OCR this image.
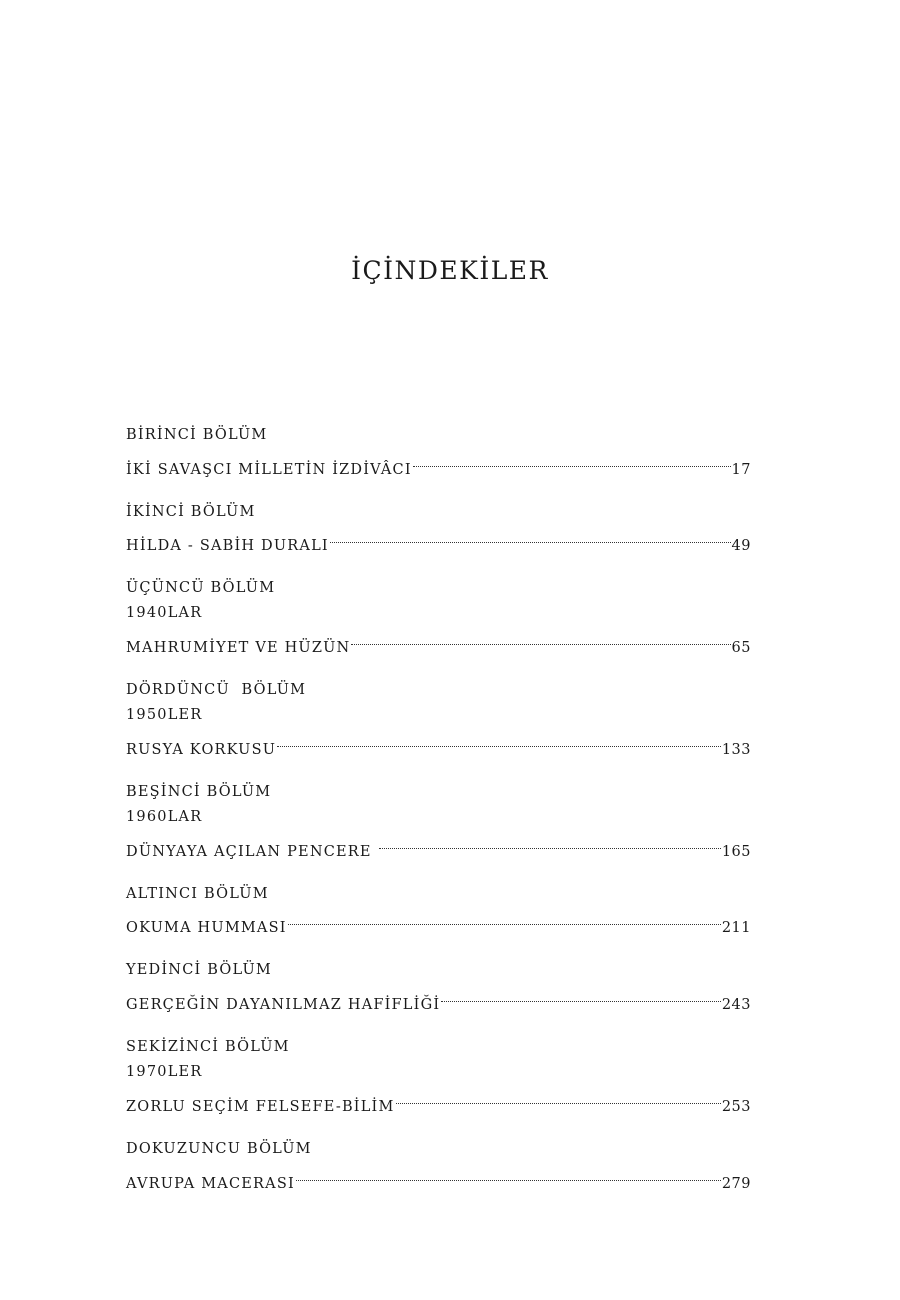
İÇİNDEKİLER
BİRİNCİ BÖLÜM
İKİ SAVAŞCI MİLLETİN İZDİVÂCI	17
İKİNCİ BÖLÜM
HİLDA - SABİH DURALI	49
ÜÇÜNCÜ BÖLÜM
1940LAR
MAHRUMİYET VE HÜZÜN	65
DÖRDÜNCÜ  BÖLÜM
1950LER
RUSYA KORKUSU	133
BEŞİNCİ BÖLÜM
1960LAR
DÜNYAYA AÇILAN PENCERE	165
ALTINCI BÖLÜM
OKUMA HUMMASI	211
YEDİNCİ BÖLÜM
GERÇEĞİN DAYANILMAZ HAFİFLİĞİ	243
SEKİZİNCİ BÖLÜM
1970LER
ZORLU SEÇİM FELSEFE-BİLİM	253
DOKUZUNCU BÖLÜM
AVRUPA MACERASI	279
